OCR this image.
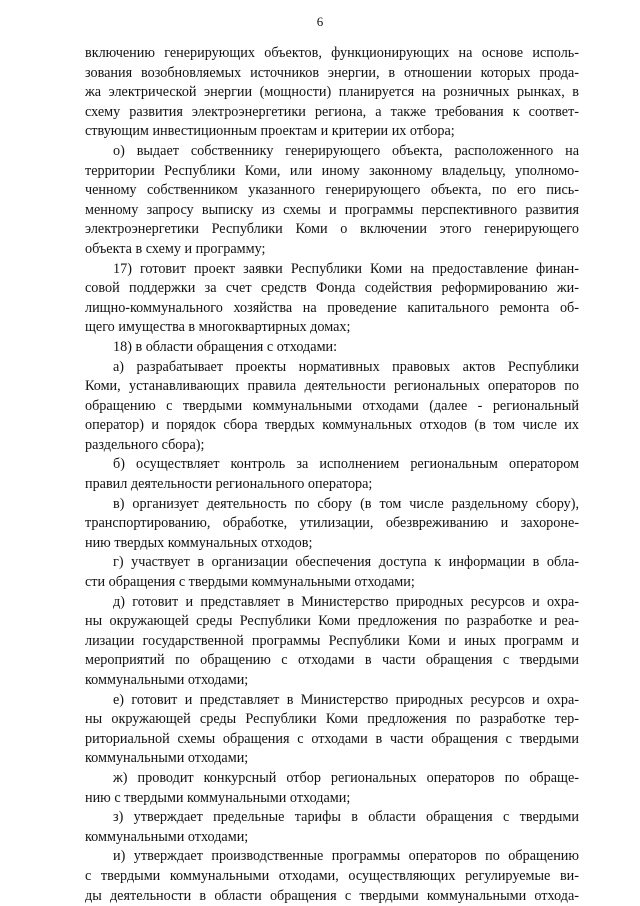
6
включению генерирующих объектов, функционирующих на основе исполь-
зования возобновляемых источников энергии, в отношении которых прода-
жа электрической энергии (мощности) планируется на розничных рынках, в
схему развития электроэнергетики региона, а также требования к соответ-
ствующим инвестиционным проектам и критерии их отбора;
о) выдает собственнику генерирующего объекта, расположенного на
территории Республики Коми, или иному законному владельцу, уполномо-
ченному собственником указанного генерирующего объекта, по его пись-
менному запросу выписку из схемы и программы перспективного развития
электроэнергетики Республики Коми о включении этого генерирующего
объекта в схему и программу;
17) готовит проект заявки Республики Коми на предоставление финан-
совой поддержки за счет средств Фонда содействия реформированию жи-
лищно-коммунального хозяйства на проведение капитального ремонта об-
щего имущества в многоквартирных домах;
18) в области обращения с отходами:
а) разрабатывает проекты нормативных правовых актов Республики
Коми, устанавливающих правила деятельности региональных операторов по
обращению с твердыми коммунальными отходами (далее - региональный
оператор) и порядок сбора твердых коммунальных отходов (в том числе их
раздельного сбора);
б) осуществляет контроль за исполнением региональным оператором
правил деятельности регионального оператора;
в) организует деятельность по сбору (в том числе раздельному сбору),
транспортированию, обработке, утилизации, обезвреживанию и захороне-
нию твердых коммунальных отходов;
г) участвует в организации обеспечения доступа к информации в обла-
сти обращения с твердыми коммунальными отходами;
д) готовит и представляет в Министерство природных ресурсов и охра-
ны окружающей среды Республики Коми предложения по разработке и реа-
лизации государственной программы Республики Коми и иных программ и
мероприятий по обращению с отходами в части обращения с твердыми
коммунальными отходами;
е) готовит и представляет в Министерство природных ресурсов и охра-
ны окружающей среды Республики Коми предложения по разработке тер-
риториальной схемы обращения с отходами в части обращения с твердыми
коммунальными отходами;
ж) проводит конкурсный отбор региональных операторов по обраще-
нию с твердыми коммунальными отходами;
з) утверждает предельные тарифы в области обращения с твердыми
коммунальными отходами;
и) утверждает производственные программы операторов по обращению
с твердыми коммунальными отходами, осуществляющих регулируемые ви-
ды деятельности в области обращения с твердыми коммунальными отхода-
